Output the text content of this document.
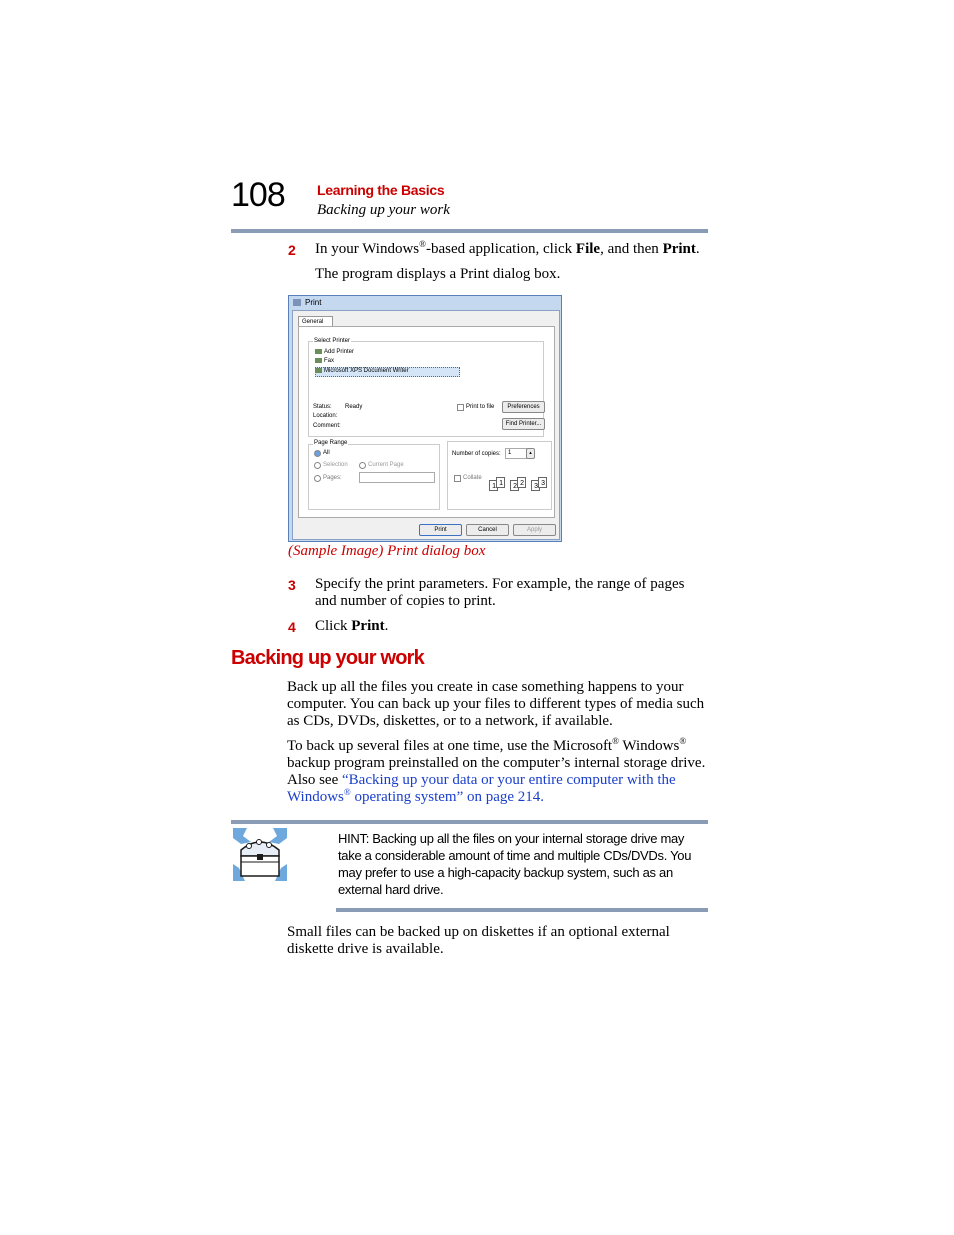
108 Learning the Basics
Backing up your work
2 In your Windows®-based application, click File, and then Print.
The program displays a Print dialog box.
Print
General
Select Printer
Add Printer
Fax
Microsoft XPS Document Writer
Status: Ready
Location:
Comment:
Print to file	Preferences
Find Printer...
Page Range
All
Selection	Current Page
Pages:
Number of copies:	1	▴
Collate
1 1	2 2	3 3
Print	Cancel	Apply
(Sample Image) Print dialog box
3 Specify the print parameters. For example, the range of pages and number of copies to print.
4 Click Print.
Backing up your work
Back up all the files you create in case something happens to your computer. You can back up your files to different types of media such as CDs, DVDs, diskettes, or to a network, if available.
To back up several files at one time, use the Microsoft® Windows® backup program preinstalled on the computer’s internal storage drive. Also see “Backing up your data or your entire computer with the Windows® operating system” on page 214.
HINT: Backing up all the files on your internal storage drive may take a considerable amount of time and multiple CDs/DVDs. You may prefer to use a high-capacity backup system, such as an external hard drive.
Small files can be backed up on diskettes if an optional external diskette drive is available.
